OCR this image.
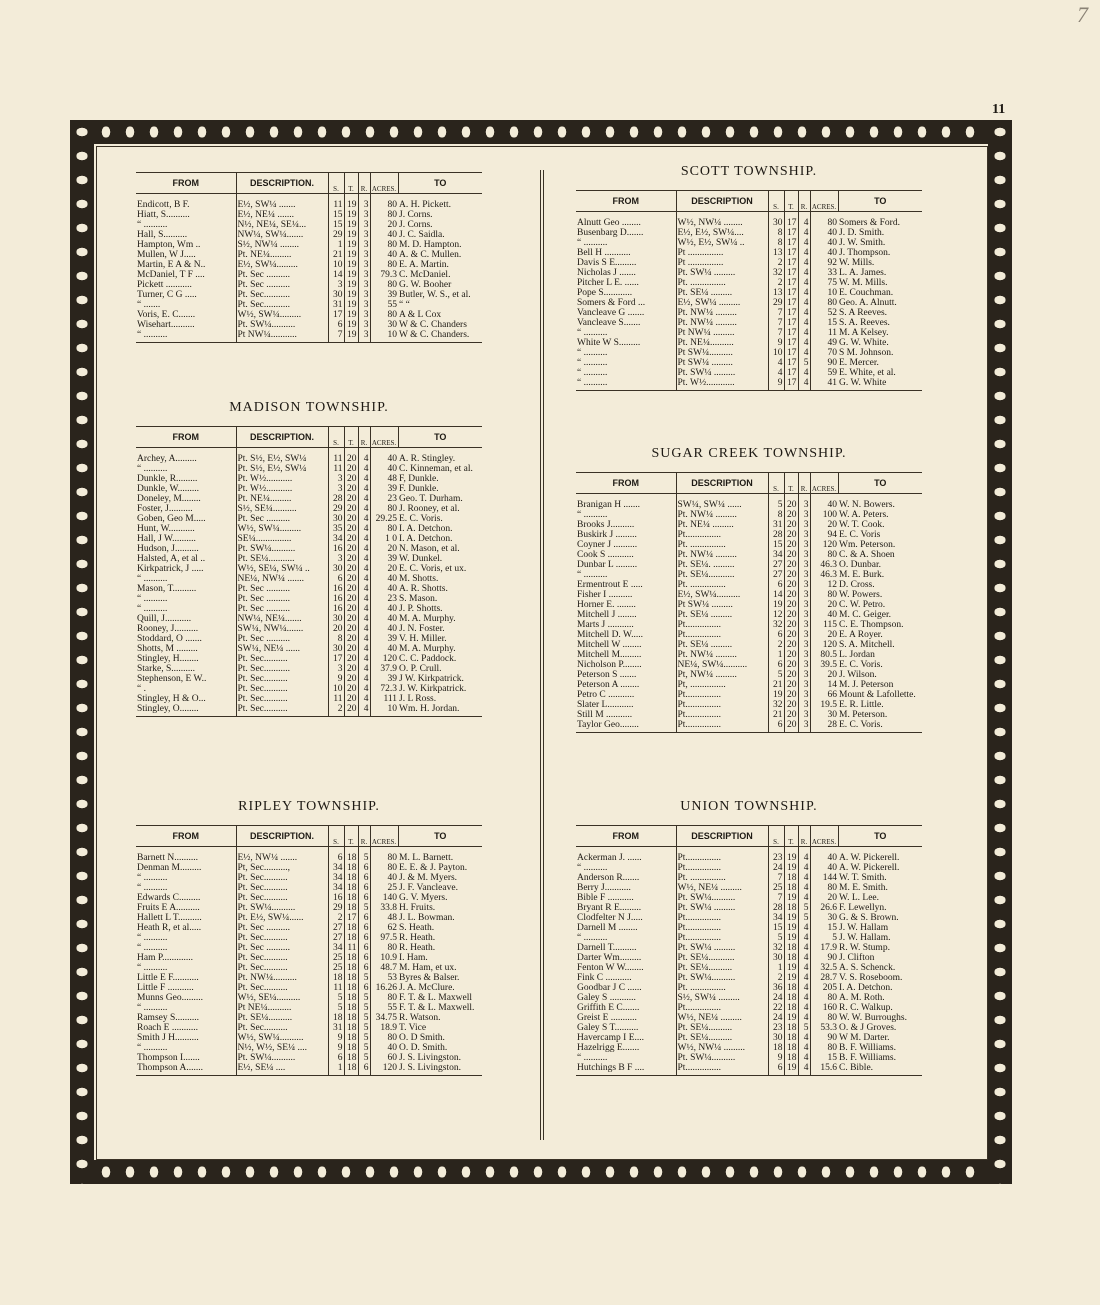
7
11
FROM	DESCRIPTION.	S.	T.	R.	ACRES.	TO
Endicott, B F.	E½, SW¼ .......	11	19	3	80	A. H. Pickett.
Hiatt, S..........	E½, NE¼ .......	15	19	3	80	J. Corns.
“ ..........	N½, NE¼, SE¼...	15	19	3	20	J. Corns.
Hall, S..........	NW¼, SW¼.......	29	19	3	40	J. C. Saidla.
Hampton, Wm ..	S½, NW¼ ........	1	19	3	80	M. D. Hampton.
Mullen, W J.....	Pt. NE¼.........	21	19	3	40	A. & C. Mullen.
Martin, E A & N..	E½, SW¼.........	10	19	3	80	E. A. Martin.
McDaniel, T F ....	Pt. Sec ..........	14	19	3	79.3	C. McDaniel.
Pickett ...........	Pt. Sec ..........	3	19	3	80	G. W. Booher
Turner, C G .....	Pt. Sec...........	30	19	3	39	Butler, W. S., et al.
“ .......	Pt. Sec...........	31	19	3	55	“ “
Voris, E. C.......	W½, SW¼.........	17	19	3	80	A & L Cox
Wisehart..........	Pt. SW¼..........	6	19	3	30	W & C. Chanders
“ ..........	Pt NW¼...........	7	19	3	10	W & C. Chanders.
MADISON TOWNSHIP.
FROM	DESCRIPTION.	S.	T.	R.	ACRES.	TO
Archey, A.........	Pt. S½, E½, SW¼	11	20	4	40	A. R. Stingley.
“ ..........	Pt. S½, E½, SW¼	11	20	4	40	C. Kinneman, et al.
Dunkle, R.........	Pt. W½...........	3	20	4	48	F, Dunkle.
Dunkle, W.........	Pt. W½...........	3	20	4	39	F. Dunkle.
Doneley, M........	Pt. NE¼.........	28	20	4	23	Geo. T. Durham.
Foster, J..........	S½, SE¼..........	29	20	4	80	J. Rooney, et al.
Goben, Geo M.....	Pt. Sec ..........	30	20	4	29.25	E. C. Voris.
Hunt, W...........	W½, SW¼.........	35	20	4	80	I. A. Detchon.
Hall, J W..........	SE¼...............	34	20	4	1 0	I. A. Detchon.
Hudson, J..........	Pt. SW¼..........	16	20	4	20	N. Mason, et al.
Halsted, A, et al ..	Pt. SE¼...........	3	20	4	39	W. Dunkel.
Kirkpatrick, J .....	W½, SE¼, SW¼ ..	30	20	4	20	E. C. Voris, et ux.
“ ..........	NE¼, NW¼ .......	6	20	4	40	M. Shotts.
Mason, T..........	Pt. Sec ..........	16	20	4	40	A. R. Shotts.
“ ..........	Pt. Sec ..........	16	20	4	23	S. Mason.
“ ..........	Pt. Sec ..........	16	20	4	40	J. P. Shotts.
Quill, J...........	NW¼, NE¼.......	30	20	4	40	M. A. Murphy.
Rooney, J..........	SW¼, NW¼.......	20	20	4	40	J. N. Foster.
Stoddard, O .......	Pt. Sec ..........	8	20	4	39	V. H. Miller.
Shotts, M .........	SW¼, NE¼ ......	30	20	4	40	M. A. Murphy.
Stingley, H........	Pt. Sec..........	17	20	4	120	C. C. Paddock.
Starke, S..........	Pt. Sec...........	3	20	4	37.9	O. P. Crull.
Stephenson, E W..	Pt. Sec..........	9	20	4	39	J W. Kirkpatrick.
“ .	Pt. Sec..........	10	20	4	72.3	J. W. Kirkpatrick.
Stingley, H & O...	Pt. Sec..........	11	20	4	111	J. L Ross.
Stingley, O........	Pt. Sec..........	2	20	4	10	Wm. H. Jordan.
RIPLEY TOWNSHIP.
FROM	DESCRIPTION.	S.	T.	R.	ACRES.	TO
Barnett N..........	E½, NW¼ .......	6	18	5	80	M. L. Barnett.
Denman M.........	Pt, Sec..........,	34	18	6	80	E. E. & J. Payton.
“ ..........	Pt. Sec..........	34	18	6	40	J. & M. Myers.
“ ..........	Pt. Sec..........	34	18	6	25	J. F. Vancleave.
Edwards C.........	Pt. Sec..........	16	18	6	140	G. V. Myers.
Fruits E A..........	Pt. SW¼..........	29	18	5	33.8	H. Fruits.
Hallett L T..........	Pt. E½, SW¼......	2	17	6	48	J. L. Bowman.
Heath R, et al.....	Pt. Sec ..........	27	18	6	62	S. Heath.
“ ..........	Pt. Sec..........	27	18	6	97.5	R. Heath.
“ ..........	Pt. Sec ..........	34	11	6	80	R. Heath.
Ham P.............	Pt. Sec..........	25	18	6	10.9	I. Ham.
“ ..........	Pt. Sec..........	25	18	6	48.7	M. Ham, et ux.
Little E F...........	Pt. NW¼..........	18	18	5	53	Byres & Balser.
Little F ...........	Pt. Sec..........	11	18	6	16.26	J. A. McClure.
Munns Geo.........	W½, SE¼..........	5	18	5	80	F. T. & L. Maxwell
“ ..........	Pt NE¼..........	5	18	5	55	F. T. & L. Maxwell.
Ramsey S..........	Pt. SE¼..........	18	18	5	34.75	R. Watson.
Roach E ...........	Pt. Sec..........	31	18	5	18.9	T. Vice
Smith J H..........	W½, SW¼..........	9	18	5	80	O. D Smith.
“ ..........	N½, W½, SE¼ ....	9	18	5	40	O. D. Smith.
Thompson I.......	Pt. SW¼..........	6	18	5	60	J. S. Livingston.
Thompson A.......	E½, SE¼ ....	1	18	6	120	J. S. Livingston.
SCOTT TOWNSHIP.
FROM	DESCRIPTION	S.	T.	R.	ACRES.	TO
Alnutt Geo ........	W½, NW¼ ........	30	17	4	80	Somers & Ford.
Busenbarg D.......	E½, E½, SW¼....	8	17	4	40	J. D. Smith.
“ ..........	W½, E½, SW¼ ..	8	17	4	40	J. W. Smith.
Bell H ...........	Pt ...............	13	17	4	40	J. Thompson.
Davis S E.........	Pt ...............	2	17	4	92	W. Mills.
Nicholas J .......	Pt. SW¼ .........	32	17	4	33	L. A. James.
Pitcher L E. ......	Pt. ...............	2	17	4	75	W. M. Mills.
Pope S............	Pt. SE¼ .........	13	17	4	10	E. Couchman.
Somers & Ford ...	E½, SW¼ .........	29	17	4	80	Geo. A. Alnutt.
Vancleave G .......	Pt. NW¼ .........	7	17	4	52	S. A Reeves.
Vancleave S.......	Pt. NW¼ .........	7	17	4	15	S. A. Reeves.
“ ..........	Pt NW¼ .........	7	17	4	11	M. A Kelsey.
White W S.........	Pt. NE¼..........	9	17	4	49	G. W. White.
“ ..........	Pt SW¼..........	10	17	4	70	S M. Johnson.
“ ..........	Pt SW¼ .........	4	17	5	90	E. Mercer.
“ ..........	Pt. SW¼ .........	4	17	4	59	E. White, et al.
“ ..........	Pt. W½............	9	17	4	41	G. W. White
SUGAR CREEK TOWNSHIP.
FROM	DESCRIPTION	S.	T.	R.	ACRES.	TO
Branigan H .......	SW¼, SW¼ ......	5	20	3	40	W. N. Bowers.
“ ..........	Pt. NW¼ .........	8	20	3	100	W. A. Peters.
Brooks J..........	Pt. NE¼ .........	31	20	3	20	W. T. Cook.
Buskirk J .........	Pt...............	28	20	3	94	E. C. Voris
Coyner J ..........	Pt. ...............	15	20	3	120	Wm. Peterson.
Cook S ...........	Pt. NW¼ .........	34	20	3	80	C. & A. Shoen
Dunbar L .........	Pt. SE¼. .........	27	20	3	46.3	O. Dunbar.
“ ..........	Pt. SE¼...........	27	20	3	46.3	M. E. Burk.
Ermentrout E .....	Pt. ...............	6	20	3	12	D. Cross.
Fisher I ..........	E½, SW¼..........	14	20	3	80	W. Powers.
Horner E. ........	Pt SW¼ .........	19	20	3	20	C. W. Petro.
Mitchell J ........	Pt. SE¼ .........	12	20	3	40	M. C. Geiger.
Marts J ...........	Pt...............	32	20	3	115	C. E. Thompson.
Mitchell D. W.....	Pt...............	6	20	3	20	E. A Royer.
Mitchell W ........	Pt. SE¼ .........	2	20	3	120	S. A. Mitchell.
Mitchell M.........	Pt. NW¼ .........	1	20	3	80.5	L. Jordan
Nicholson P........	NE¼, SW¼..........	6	20	3	39.5	E. C. Voris.
Peterson S .......	Pt, NW¼ .........	5	20	3	20	J. Wilson.
Peterson A ........	Pt, ...............	21	20	3	14	M. J. Peterson
Petro C ...........	Pt...............	19	20	3	66	Mount & Lafollette.
Slater L...........	Pt...............	32	20	3	19.5	E. R. Little.
Still M ...........	Pt...............	21	20	3	30	M. Peterson.
Taylor Geo........	Pt...............	6	20	3	28	E. C. Voris.
UNION TOWNSHIP.
FROM	DESCRIPTION	S.	T.	R.	ACRES.	TO
Ackerman J. ......	Pt...............	23	19	4	40	A. W. Pickerell.
“ ..........	Pt...............	24	19	4	40	A. W. Pickerell.
Anderson R.......	Pt. ...............	7	18	4	144	W. T. Smith.
Berry J...........	W½, NE¼ .........	25	18	4	80	M. E. Smith.
Bible F ...........	Pt. SW¼..........	7	19	4	20	W. L. Lee.
Bryant R E.........	Pt. SW¼ .........	28	18	5	26.6	F. Lewellyn.
Clodfelter N J.....	Pt...............	34	19	5	30	G. & S. Brown.
Darnell M ........	Pt...............	15	19	4	15	J. W. Hallam
“ ..........	Pt...............	5	19	4	5	J. W. Hallam.
Darnell T..........	Pt. SW¼ .........	32	18	4	17.9	R. W. Stump.
Darter Wm.........	Pt. SE¼...........	30	18	4	90	J. Clifton
Fenton W W........	Pt. SE¼..........	1	19	4	32.5	A. S. Schenck.
Fink C ...........	Pt. SW¼..........	2	19	4	28.7	V. S. Roseboom.
Goodbar J C ......	Pt. ...............	36	18	4	205	I. A. Detchon.
Galey S ...........	S½, SW¼ .........	24	18	4	80	A. M. Roth.
Griffith E C.......	Pt...............	22	18	4	160	R. C. Walkup.
Greist E ...........	W½, NE¼ .........	24	19	4	80	W. W. Burroughs.
Galey S T..........	Pt. SE¼..........	23	18	5	53.3	O. & J Groves.
Havercamp I E....	Pt. SE¼..........	30	18	4	90	W M. Darter.
Hazelrigg E.......	W½, NW¼ .........	18	18	4	80	B. F. Williams.
“ ..........	Pt. SW¼..........	9	18	4	15	B. F. Williams.
Hutchings B F ....	Pt...............	6	19	4	15.6	C. Bible.
